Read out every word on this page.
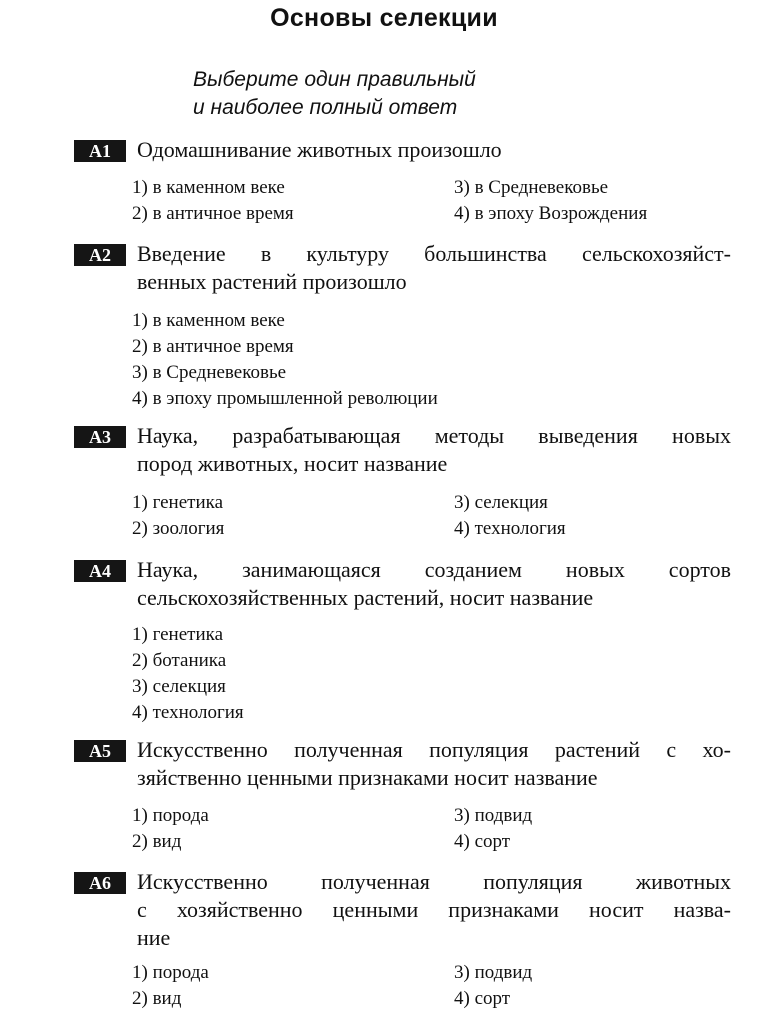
Основы селекции
Выберите один правильный
и наиболее полный ответ
A1	Одомашнивание животных произошло
1) в каменном веке	3) в Средневековье
2) в античное время	4) в эпоху Возрождения
A2	Введение в культуру большинства сельскохозяйст-
венных растений произошло
1) в каменном веке
2) в античное время
3) в Средневековье
4) в эпоху промышленной революции
A3	Наука, разрабатывающая методы выведения новых
пород животных, носит название
1) генетика	3) селекция
2) зоология	4) технология
A4	Наука, занимающаяся созданием новых сортов
сельскохозяйственных растений, носит название
1) генетика
2) ботаника
3) селекция
4) технология
A5	Искусственно полученная популяция растений с хо-
зяйственно ценными признаками носит название
1) порода	3) подвид
2) вид	4) сорт
A6	Искусственно полученная популяция животных
с хозяйственно ценными признаками носит назва-
ние
1) порода	3) подвид
2) вид	4) сорт
